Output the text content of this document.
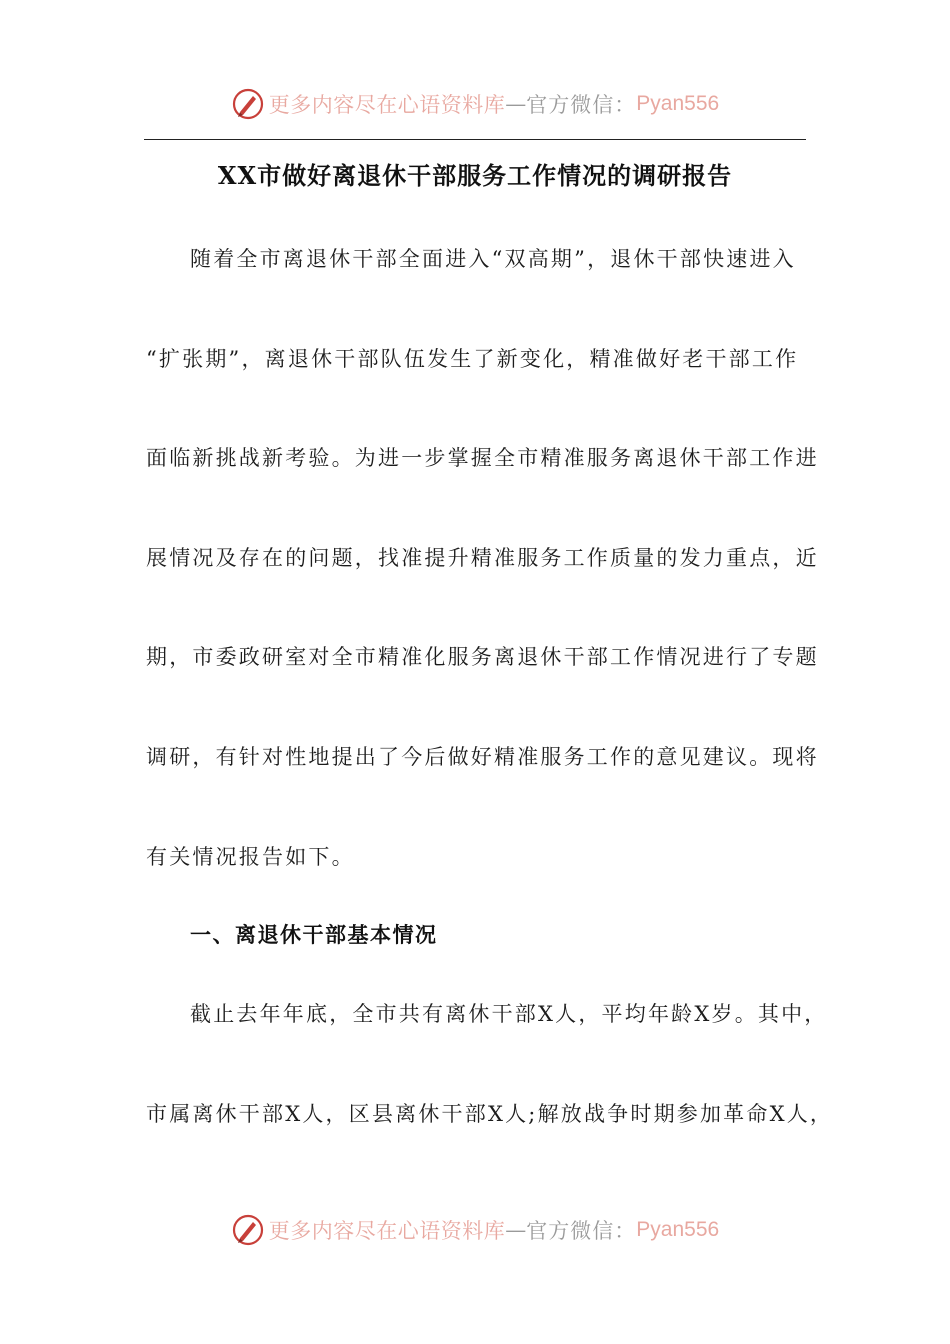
更多内容尽在心语资料库 — 官方微信： Pyan556
XX市做好离退休干部服务工作情况的调研报告
随着全市离退休干部全面进入“双高期”，退休干部快速进入
“扩张期”，离退休干部队伍发生了新变化，精准做好老干部工作
面临新挑战新考验。为进一步掌握全市精准服务离退休干部工作进
展情况及存在的问题，找准提升精准服务工作质量的发力重点，近
期，市委政研室对全市精准化服务离退休干部工作情况进行了专题
调研，有针对性地提出了今后做好精准服务工作的意见建议。现将
有关情况报告如下。
一、离退休干部基本情况
截止去年年底，全市共有离休干部X人，平均年龄X岁。其中，
市属离休干部X人，区县离休干部X人;解放战争时期参加革命X人，
更多内容尽在心语资料库 — 官方微信： Pyan556
